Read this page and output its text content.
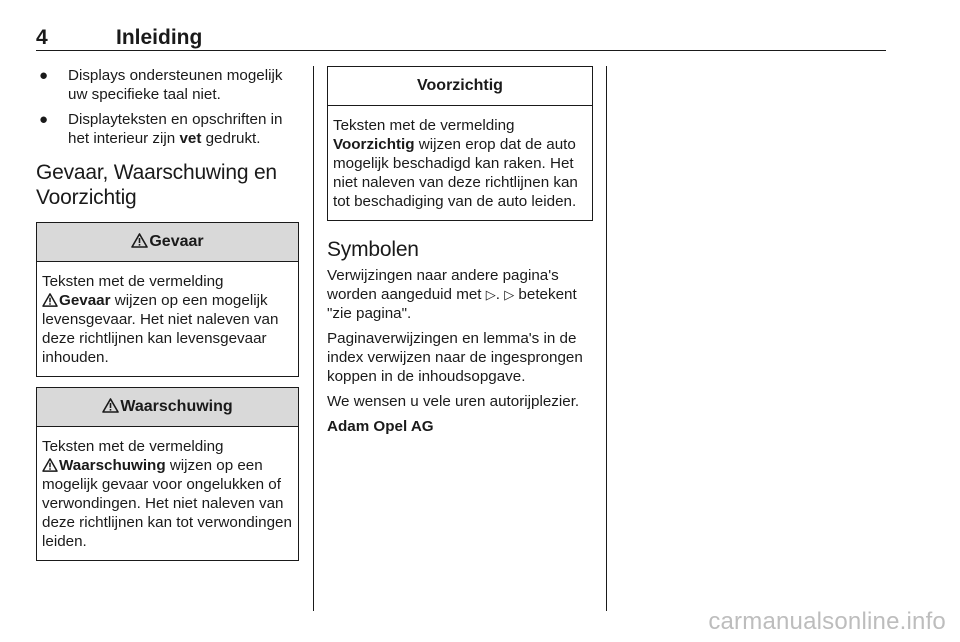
4	Inleiding
● Displays ondersteunen mogelijk uw specifieke taal niet.
● Displayteksten en opschriften in het interieur zijn vet gedrukt.
Gevaar, Waarschuwing en Voorzichtig
Gevaar
Teksten met de vermelding
Gevaar wijzen op een mogelijk levensgevaar. Het niet naleven van deze richtlijnen kan levensgevaar inhouden.
Waarschuwing
Teksten met de vermelding
Waarschuwing wijzen op een mogelijk gevaar voor ongelukken of verwondingen. Het niet naleven van deze richtlijnen kan tot verwondingen leiden.
Voorzichtig
Teksten met de vermelding
Voorzichtig wijzen erop dat de auto mogelijk beschadigd kan raken. Het niet naleven van deze richtlijnen kan tot beschadiging van de auto leiden.
Symbolen

Verwijzingen naar andere pagina's worden aangeduid met ▷. ▷ betekent "zie pagina".

Paginaverwijzingen en lemma's in de index verwijzen naar de ingesprongen koppen in de inhoudsopgave.

We wensen u vele uren autorijplezier.

Adam Opel AG

carmanualsonline.info
